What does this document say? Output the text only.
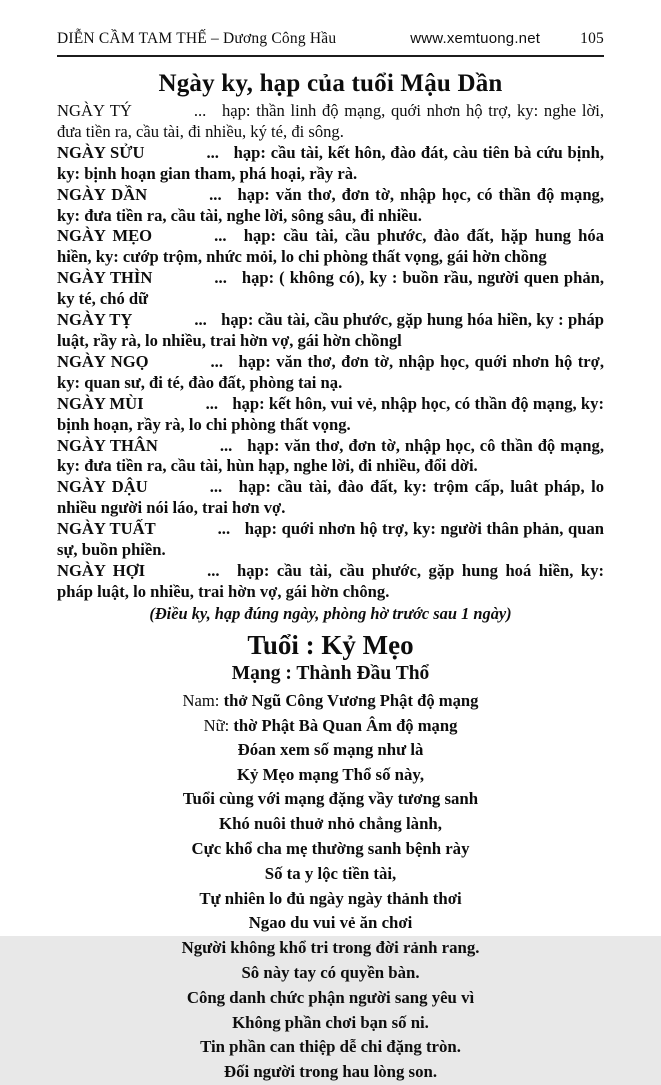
DIỄN CẦM TAM THẾ – Dương Công Hầu	www.xemtuong.net	105
Ngày ky, hạp của tuổi Mậu Dần

NGÀY TÝ	... hạp: thần linh độ mạng, quới nhơn hộ trợ, ky: nghe lời, đưa tiền ra, cầu tài, đi nhiều, ký té, đi sông.

NGÀY SỬU	... hạp: cầu tài, kết hôn, đào đát, càu tiên bà cứu bịnh, ky: bịnh hoạn gian tham, phá hoại, rầy rà.

NGÀY DẦN	... hạp: văn thơ, đơn tờ, nhập học, có thần độ mạng, ky: đưa tiền ra, cầu tài, nghe lời, sông sâu, đi nhiều.

NGÀY MẸO	... hạp: cầu tài, cầu phước, đào đất, hặp hung hóa hiền, ky: cướp trộm, nhức mỏi, lo chi phòng thất vọng, gái hờn chồng

NGÀY THÌN	... hạp: ( không có), ky : buồn rầu, người quen phản, ky té, chó dữ

NGÀY TỴ	... hạp: cầu tài, cầu phước, gặp hung hóa hiền, ky : pháp luật, rầy rà, lo nhiều, trai hờn vợ, gái hờn chồngl

NGÀY NGỌ	... hạp: văn thơ, đơn tờ, nhập học, quới nhơn hộ trợ, ky: quan sư, đi té, đào đất, phòng tai nạ.

NGÀY MÙI	... hạp: kết hôn, vui vẻ, nhập học, có thần độ mạng, ky: bịnh hoạn, rầy rà, lo chi phòng thất vọng.

NGÀY THÂN	... hạp: văn thơ, đơn tờ, nhập học, cô thần độ mạng, ky: đưa tiền ra, cầu tài, hùn hạp, nghe lời, đi nhiều, đổi dời.

NGÀY DẬU	... hạp: cầu tài, đào đất, ky: trộm cấp, luât pháp, lo nhiều người nói láo, trai hơn vợ.

NGÀY TUẤT	... hạp: quới nhơn hộ trợ, ky: người thân phản, quan sự, buồn phiền.

NGÀY HỢI	... hạp: cầu tài, cầu phước, gặp hung hoá hiền, ky: pháp luật, lo nhiều, trai hờn vợ, gái hờn chông.

(Điều ky, hạp đúng ngày, phòng hờ trước sau 1 ngày)

Tuổi : Kỷ Mẹo
Mạng : Thành Đầu Thổ

Nam: thở Ngũ Công Vương Phật độ mạng

Nữ: thờ Phật Bà Quan Âm độ mạng

Đóan xem số mạng như là

Kỷ Mẹo mạng Thổ số này,

Tuổi cùng với mạng đặng vầy tương sanh

Khó nuôi thuở nhỏ chẳng lành,

Cực khổ cha mẹ thường sanh bệnh rày

Số ta y lộc tiền tài,

Tự nhiên lo đủ ngày ngày thảnh thơi

Ngao du vui vẻ ăn chơi

Người không khổ tri trong đời rảnh rang.

Sô này tay có quyền bàn.

Công danh chức phận người sang yêu vì

Không phần chơi bạn số ni.

Tin phần can thiệp dễ chi đặng tròn.

Đối người trong hau lòng son.
